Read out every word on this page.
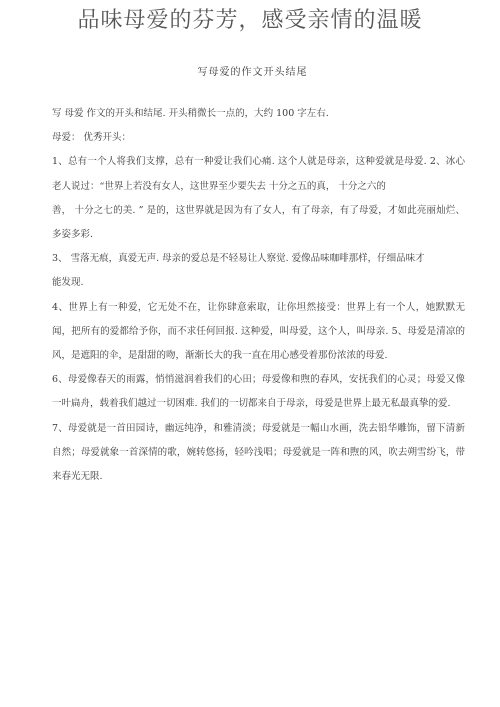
品味母爱的芬芳，感受亲情的温暖
写母爱的作文开头结尾

写 母爱 作文的开头和结尾. 开头稍微长一点的，大约 100 字左右.

母爱： 优秀开头：

1、总有一个人将我们支撑，总有一种爱让我们心痛. 这个人就是母亲，这种爱就是母爱. 2、冰心老人说过：“世界上若没有女人，这世界至少要失去 十分之五的真， 十分之六的

善， 十分之七的美. ” 是的，这世界就是因为有了女人，有了母亲，有了母爱，才如此亮丽灿烂、多姿多彩.

3、 雪落无痕，真爱无声. 母亲的爱总是不轻易让人察觉. 爱像品味咖啡那样，仔细品味才

能发现.

4、世界上有一种爱，它无处不在，让你肆意索取，让你坦然接受：世界上有一个人，她默默无闻，把所有的爱都给予你，而不求任何回报. 这种爱，叫母爱，这个人，叫母亲. 5、母爱是清凉的风，是遮阳的伞，是甜甜的吻，渐渐长大的我一直在用心感受着那份浓浓的母爱.

6、母爱像春天的雨露，悄悄滋润着我们的心田；母爱像和煦的春风，安抚我们的心灵；母爱又像一叶扁舟，载着我们越过一切困难. 我们的一切都来自于母亲，母爱是世界上最无私最真挚的爱.

7、母爱就是一首田园诗，幽远纯净，和雅清淡；母爱就是一幅山水画，洗去铅华雕饰，留下清新自然；母爱就象一首深情的歌，婉转悠扬，轻吟浅唱；母爱就是一阵和煦的风，吹去朔雪纷飞，带来春光无限.
